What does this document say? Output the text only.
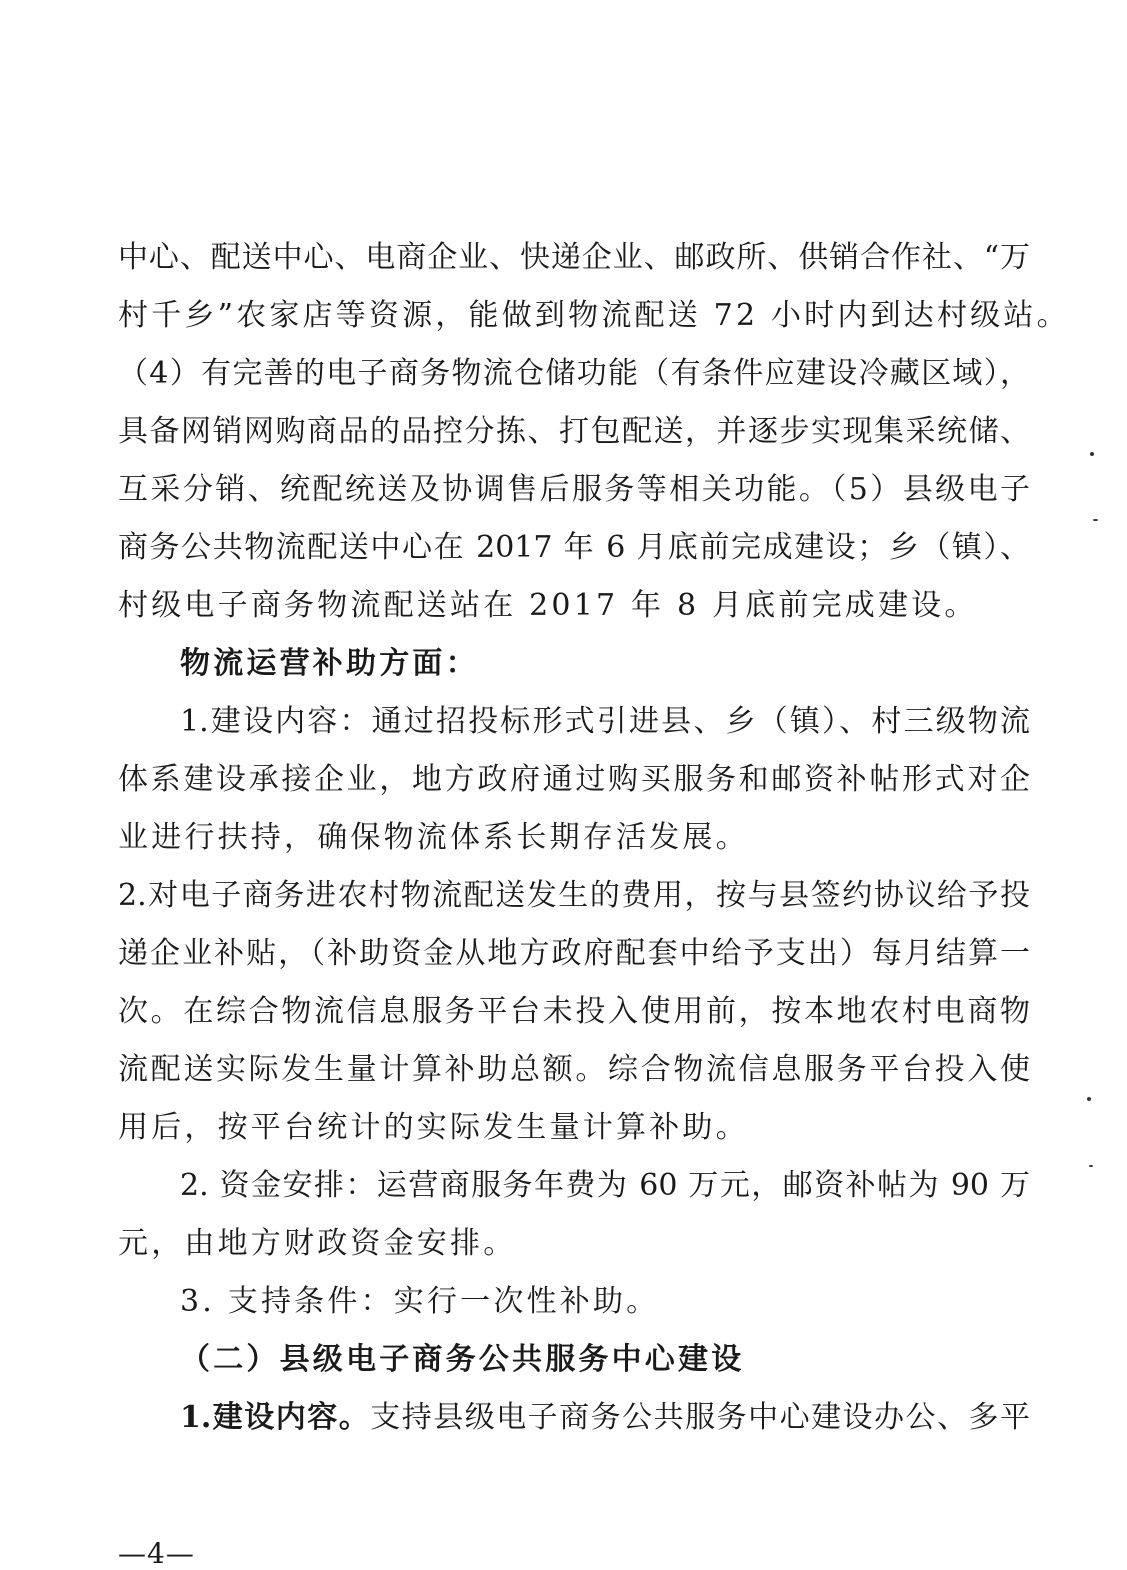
中心、配送中心、电商企业、快递企业、邮政所、供销合作社、“万
村千乡”农家店等资源，能做到物流配送 72 小时内到达村级站。
（4）有完善的电子商务物流仓储功能（有条件应建设冷藏区域），
具备网销网购商品的品控分拣、打包配送，并逐步实现集采统储、
互采分销、统配统送及协调售后服务等相关功能。（5）县级电子
商务公共物流配送中心在 2017 年 6 月底前完成建设；乡（镇）、
村级电子商务物流配送站在 2017 年 8 月底前完成建设。
物流运营补助方面：
1.建设内容：通过招投标形式引进县、乡（镇）、村三级物流
体系建设承接企业，地方政府通过购买服务和邮资补帖形式对企
业进行扶持，确保物流体系长期存活发展。
2.对电子商务进农村物流配送发生的费用，按与县签约协议给予投
递企业补贴，（补助资金从地方政府配套中给予支出）每月结算一
次。在综合物流信息服务平台未投入使用前，按本地农村电商物
流配送实际发生量计算补助总额。综合物流信息服务平台投入使
用后，按平台统计的实际发生量计算补助。
2. 资金安排：运营商服务年费为 60 万元，邮资补帖为 90 万
元，由地方财政资金安排。
3. 支持条件：实行一次性补助。
（二）县级电子商务公共服务中心建设
1.建设内容。支持县级电子商务公共服务中心建设办公、多平
—4—
